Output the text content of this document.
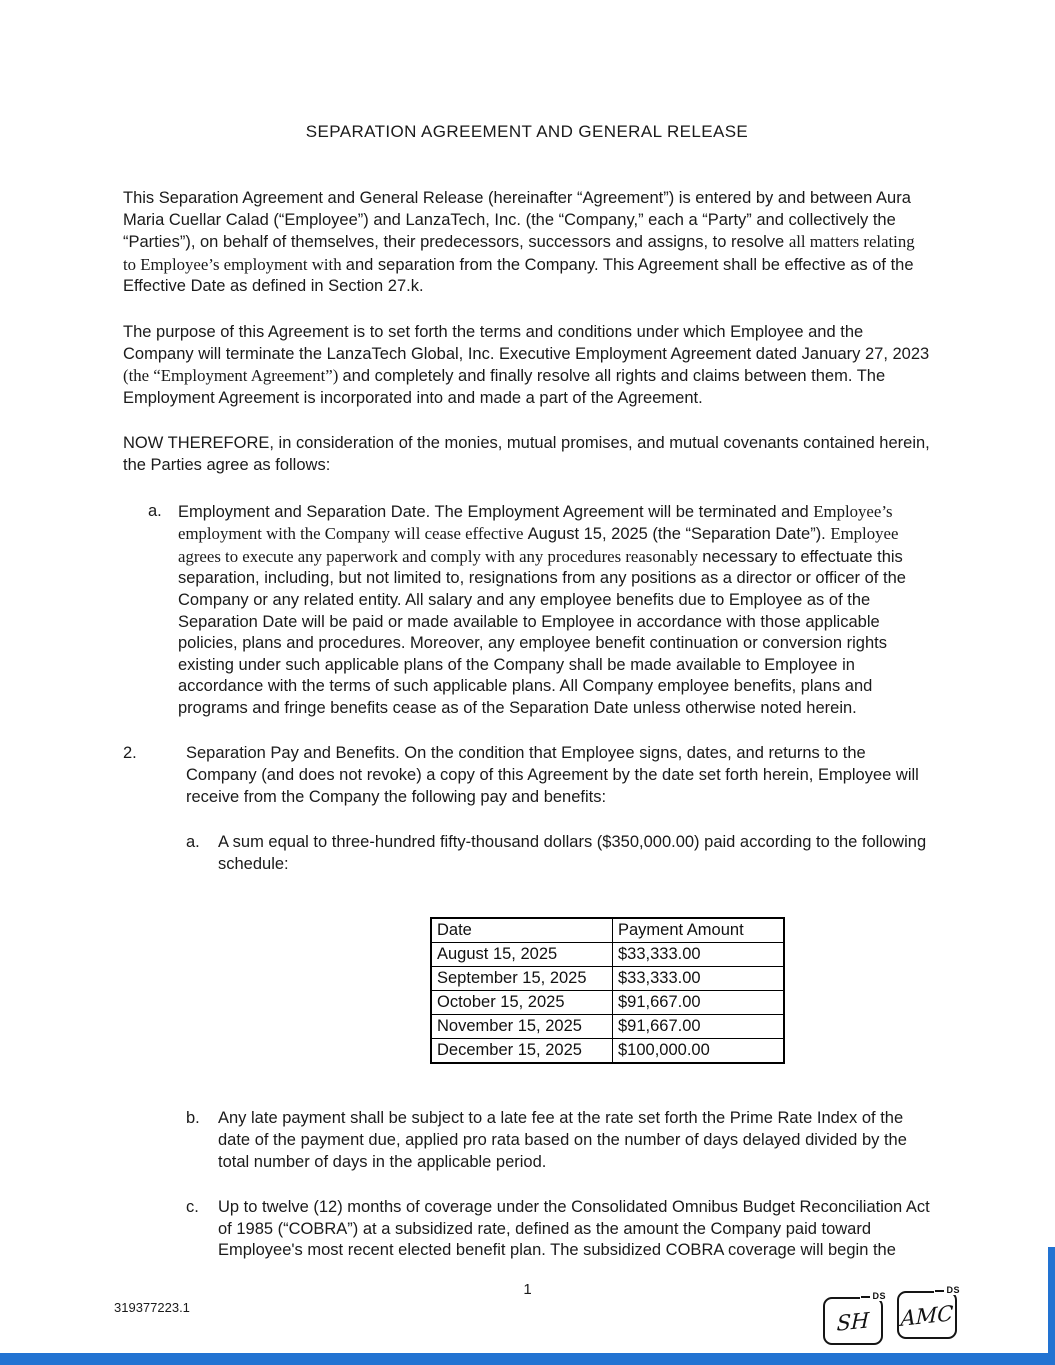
SEPARATION AGREEMENT AND GENERAL RELEASE

This Separation Agreement and General Release (hereinafter “Agreement”) is entered by and between Aura Maria Cuellar Calad (“Employee”) and LanzaTech, Inc. (the “Company,” each a “Party” and collectively the “Parties”), on behalf of themselves, their predecessors, successors and assigns, to resolve all matters relating to Employee’s employment with and separation from the Company. This Agreement shall be effective as of the Effective Date as defined in Section 27.k.

The purpose of this Agreement is to set forth the terms and conditions under which Employee and the Company will terminate the LanzaTech Global, Inc. Executive Employment Agreement dated January 27, 2023 (the “Employment Agreement”) and completely and finally resolve all rights and claims between them. The Employment Agreement is incorporated into and made a part of the Agreement.

NOW THEREFORE, in consideration of the monies, mutual promises, and mutual covenants contained herein, the Parties agree as follows:

a. Employment and Separation Date. The Employment Agreement will be terminated and Employee’s employment with the Company will cease effective August 15, 2025 (the “Separation Date”). Employee agrees to execute any paperwork and comply with any procedures reasonably necessary to effectuate this separation, including, but not limited to, resignations from any positions as a director or officer of the Company or any related entity. All salary and any employee benefits due to Employee as of the Separation Date will be paid or made available to Employee in accordance with those applicable policies, plans and procedures. Moreover, any employee benefit continuation or conversion rights existing under such applicable plans of the Company shall be made available to Employee in accordance with the terms of such applicable plans. All Company employee benefits, plans and programs and fringe benefits cease as of the Separation Date unless otherwise noted herein.
2.	Separation Pay and Benefits. On the condition that Employee signs, dates, and returns to the Company (and does not revoke) a copy of this Agreement by the date set forth herein, Employee will receive from the Company the following pay and benefits:
a.	A sum equal to three-hundred fifty-thousand dollars ($350,000.00) paid according to the following schedule:
Date	Payment Amount
August 15, 2025	$33,333.00
September 15, 2025	$33,333.00
October 15, 2025	$91,667.00
November 15, 2025	$91,667.00
December 15, 2025	$100,000.00
b.	Any late payment shall be subject to a late fee at the rate set forth the Prime Rate Index of the date of the payment due, applied pro rata based on the number of days delayed divided by the total number of days in the applicable period.
c.	Up to twelve (12) months of coverage under the Consolidated Omnibus Budget Reconciliation Act of 1985 (“COBRA”) at a subsidized rate, defined as the amount the Company paid toward Employee's most recent elected benefit plan. The subsidized COBRA coverage will begin the
1
319377223.1
DS
SH
DS
AMC
